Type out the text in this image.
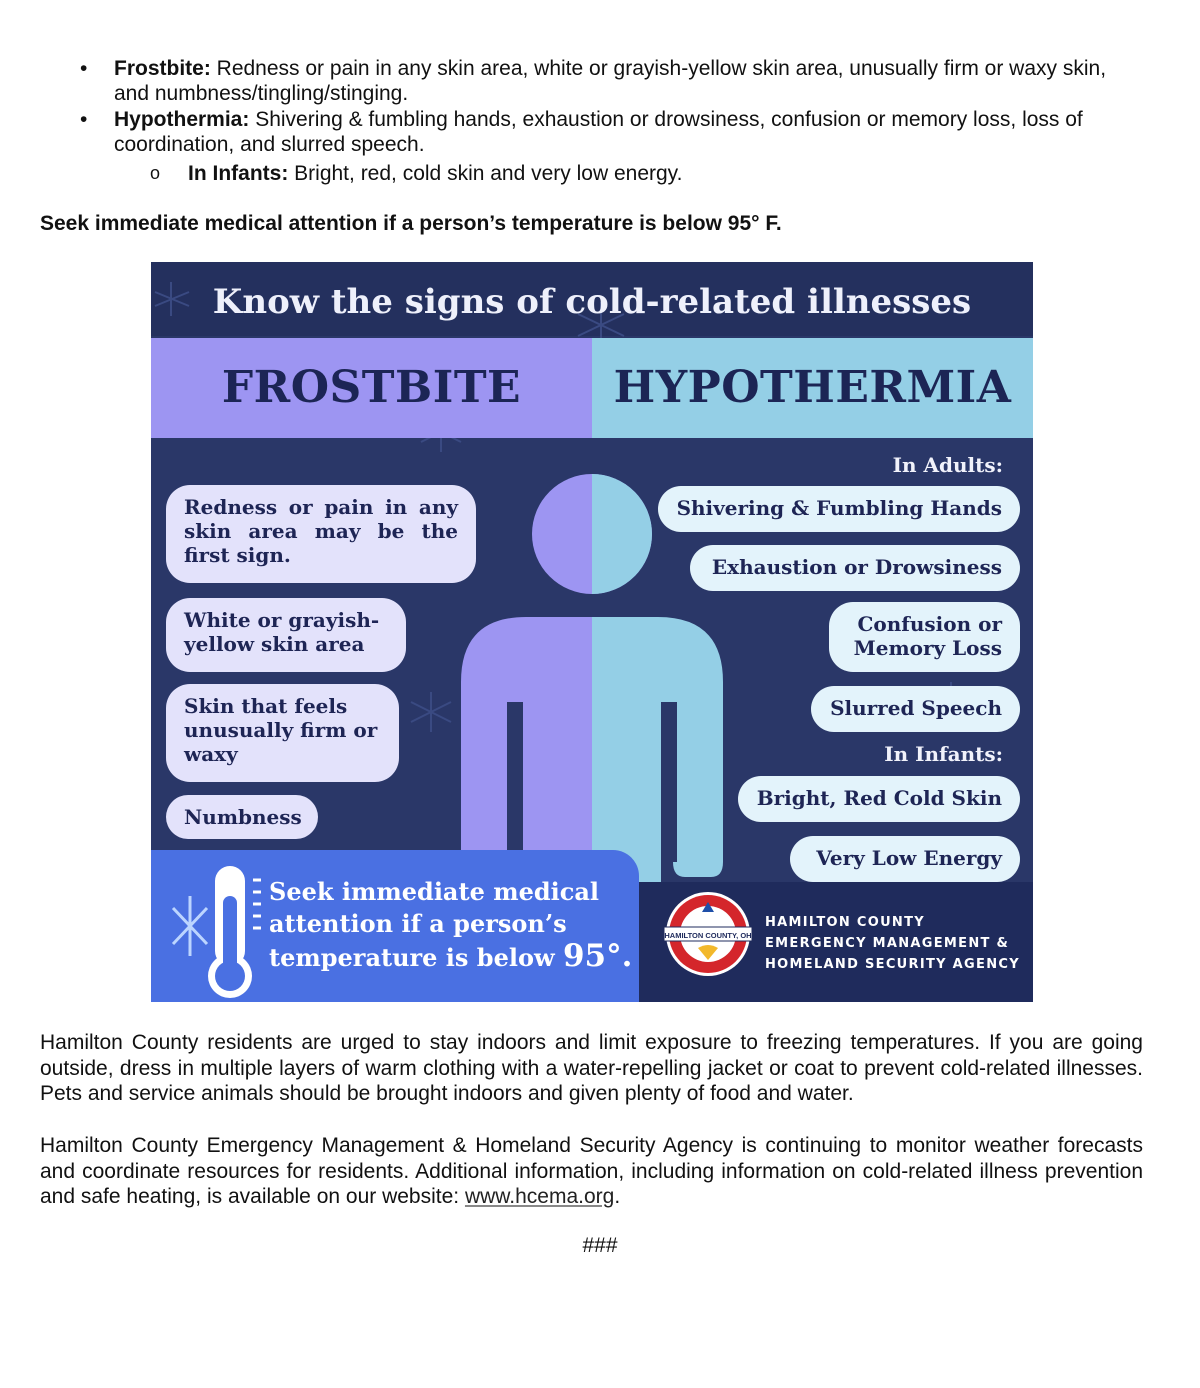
• Frostbite: Redness or pain in any skin area, white or grayish-yellow skin area, unusually firm or waxy skin, and numbness/tingling/stinging.
• Hypothermia: Shivering & fumbling hands, exhaustion or drowsiness, confusion or memory loss, loss of coordination, and slurred speech.
o In Infants: Bright, red, cold skin and very low energy.
Seek immediate medical attention if a person’s temperature is below 95° F.
Know the signs of cold-related illnesses
FROSTBITE	HYPOTHERMIA
Redness or pain in any skin area may be the first sign.
White or grayish-yellow skin area
Skin that feels unusually firm or waxy
Numbness
In Adults:
Shivering & Fumbling Hands
Exhaustion or Drowsiness
Confusion or Memory Loss
Slurred Speech
In Infants:
Bright, Red Cold Skin
Very Low Energy
Seek immediate medical attention if a person’s temperature is below 95°.
HAMILTON COUNTY, OH
HAMILTON COUNTY
EMERGENCY MANAGEMENT &
HOMELAND SECURITY AGENCY

Hamilton County residents are urged to stay indoors and limit exposure to freezing temperatures. If you are going outside, dress in multiple layers of warm clothing with a water-repelling jacket or coat to prevent cold-related illnesses. Pets and service animals should be brought indoors and given plenty of food and water.

Hamilton County Emergency Management & Homeland Security Agency is continuing to monitor weather forecasts and coordinate resources for residents. Additional information, including information on cold-related illness prevention and safe heating, is available on our website: www.hcema.org.

###
